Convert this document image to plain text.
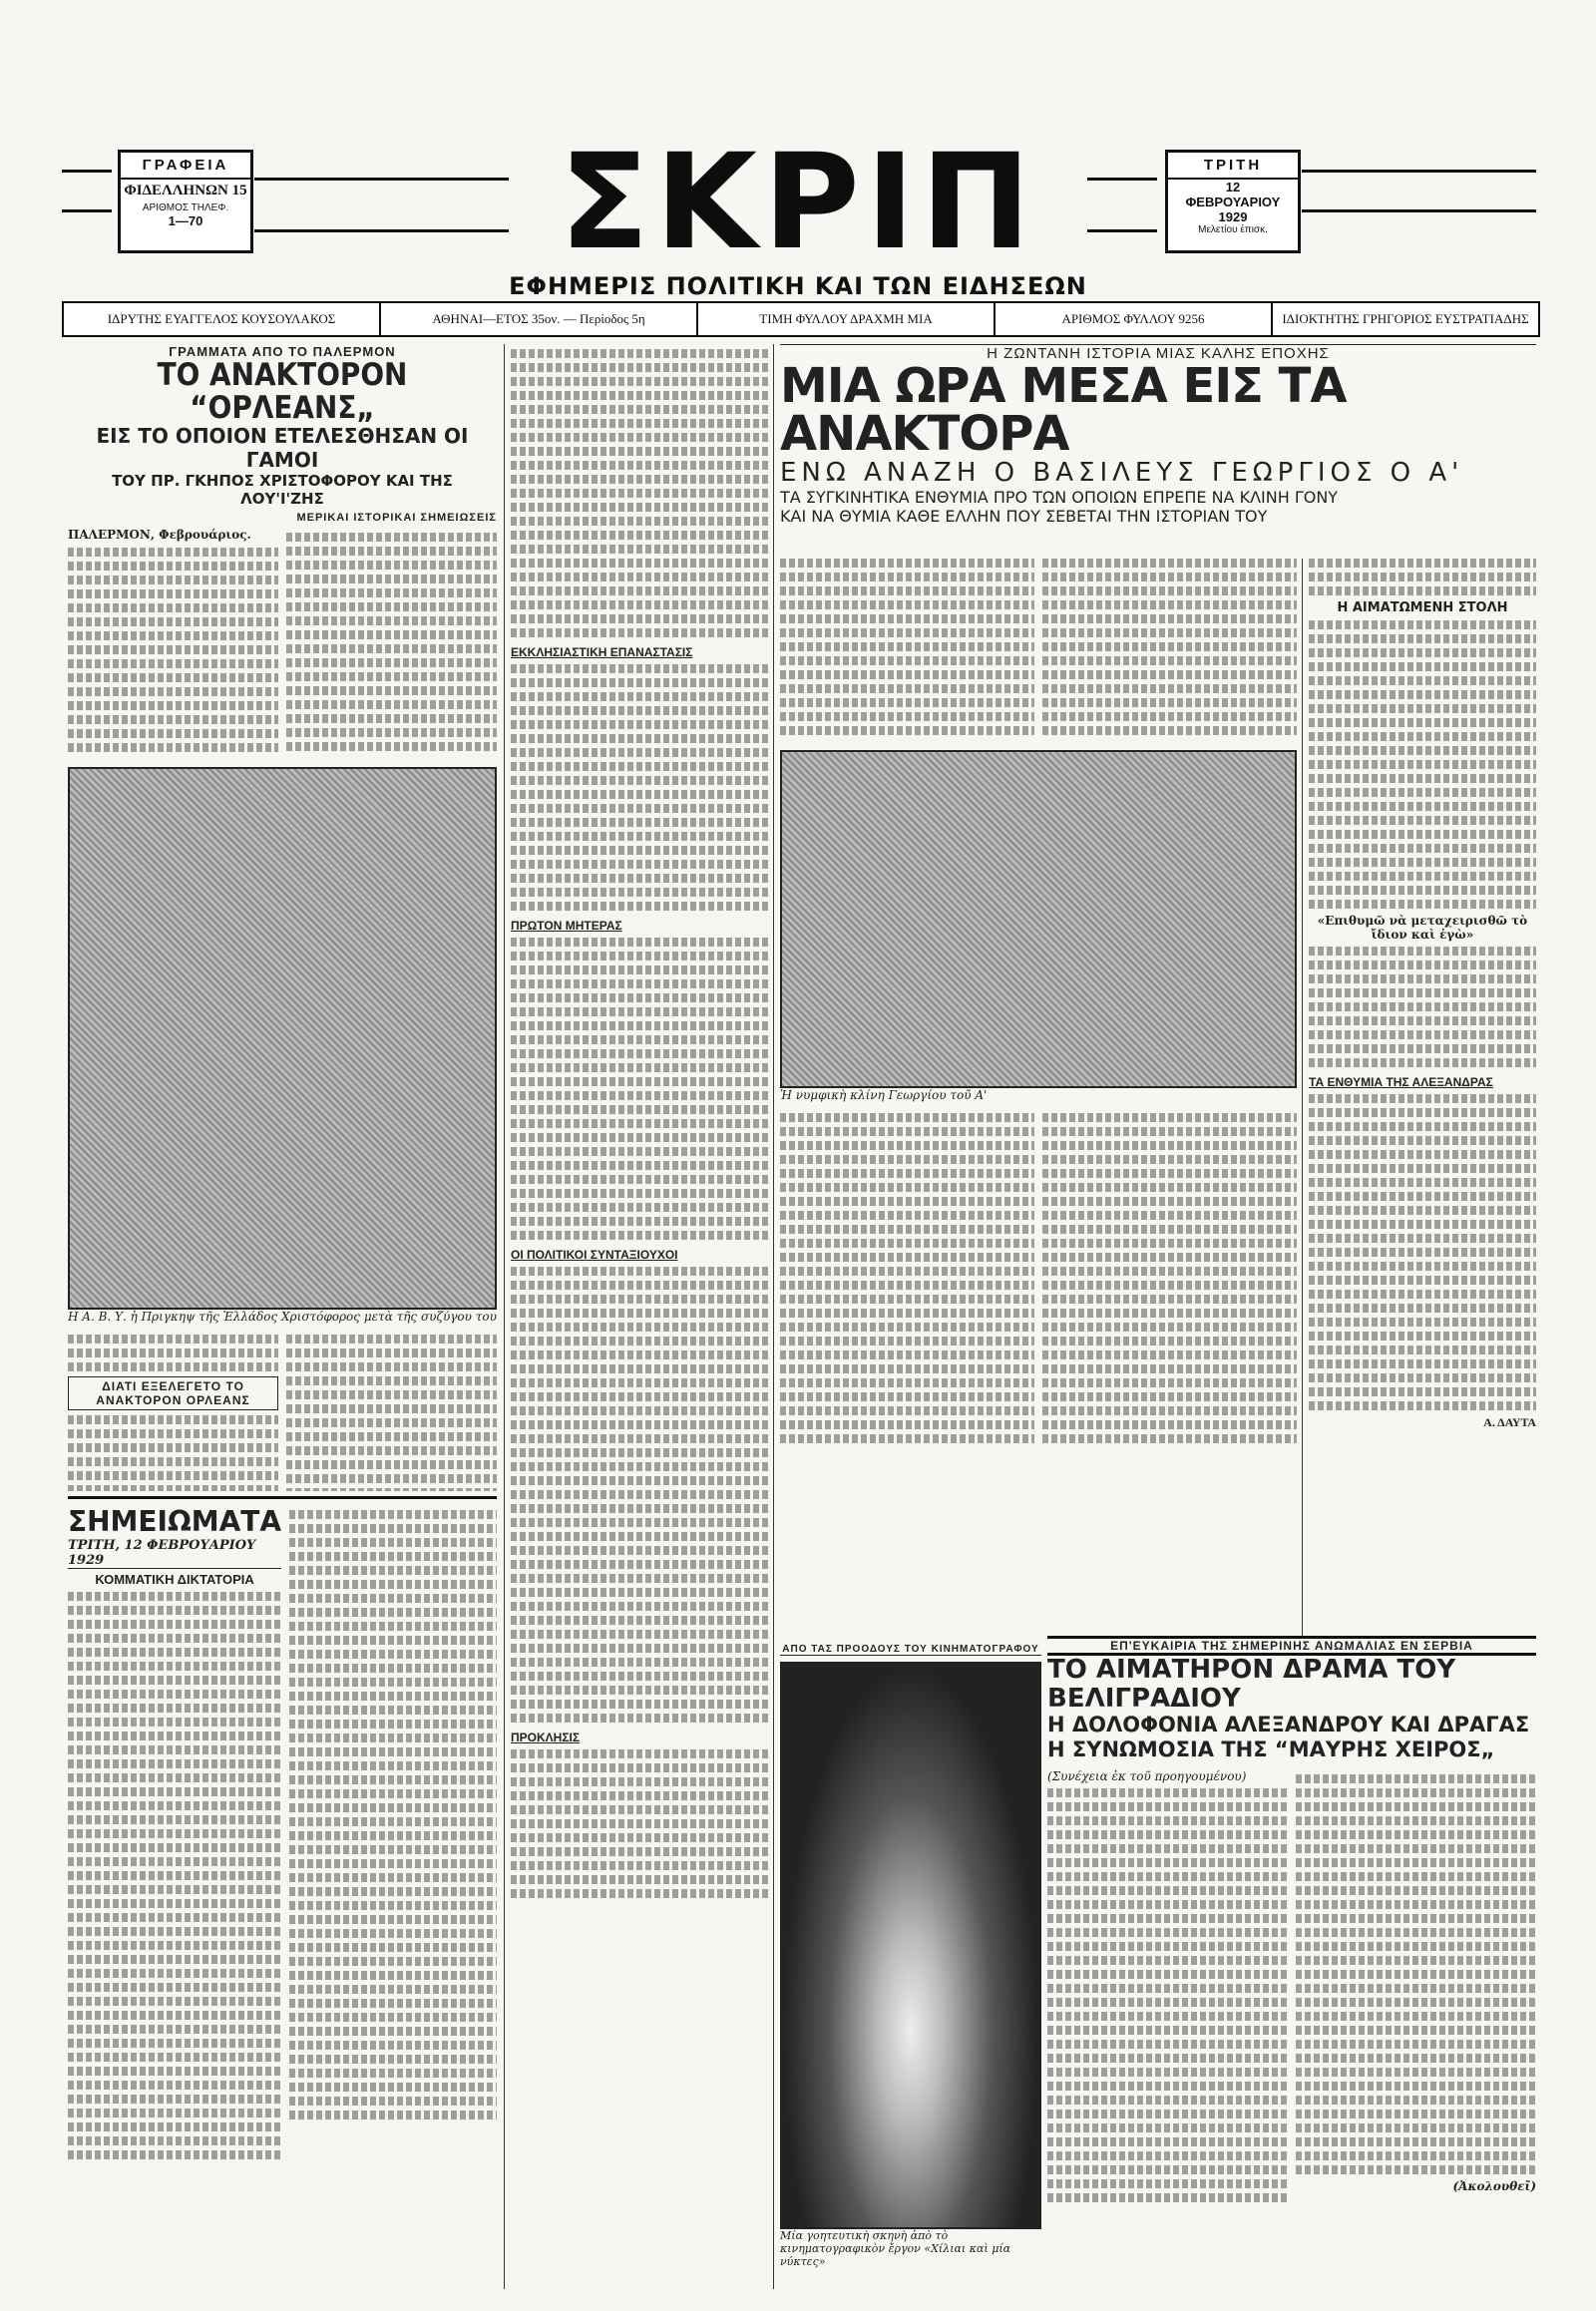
ΓΡΑΦΕΙΑ
ΦΙΔΕΛΛΗΝΩΝ 15
ΑΡΙΘΜΟΣ ΤΗΛΕΦ.
1—70	ΣΚΡΙΠ
ΕΦΗΜΕΡΙΣ ΠΟΛΙΤΙΚΗ ΚΑΙ ΤΩΝ ΕΙΔΗΣΕΩΝ
ΤΡΙΤΗ
12
ΦΕΒΡΟΥΑΡΙΟΥ
1929
Μελετίου ἐπισκ.
ΙΔΡΥΤΗΣ ΕΥΑΓΓΕΛΟΣ ΚΟΥΣΟΥΛΑΚΟΣ	ΑΘΗΝΑΙ—ΕΤΟΣ 35ον. — Περίοδος 5η	ΤΙΜΗ ΦΥΛΛΟΥ ΔΡΑΧΜΗ ΜΙΑ	ΑΡΙΘΜΟΣ ΦΥΛΛΟΥ 9256	ΙΔΙΟΚΤΗΤΗΣ ΓΡΗΓΟΡΙΟΣ ΕΥΣΤΡΑΤΙΑΔΗΣ
ΓΡΑΜΜΑΤΑ ΑΠΟ ΤΟ ΠΑΛΕΡΜΟΝ
ΤΟ ΑΝΑΚΤΟΡΟΝ “ΟΡΛΕΑΝΣ„
ΕΙΣ ΤΟ ΟΠΟΙΟΝ ΕΤΕΛΕΣΘΗΣΑΝ ΟΙ ΓΑΜΟΙ
ΤΟΥ ΠΡ. ΓΚΗΠΟΣ ΧΡΙΣΤΟΦΟΡΟΥ ΚΑΙ ΤΗΣ ΛΟΥ'Ι'ΖΗΣ
ΜΕΡΙΚΑΙ ΙΣΤΟΡΙΚΑΙ ΣΗΜΕΙΩΣΕΙΣ
ΠΑΛΕΡΜΟΝ, Φεβρουάριος.
Η Α. Β. Υ. ἡ Πριγκηψ τῆς Ἑλλάδος Χριστόφορος μετὰ τῆς συζύγου του
ΔΙΑΤΙ ΕΞΕΛΕΓΕΤΟ ΤΟ ΑΝΑΚΤΟΡΟΝ ΟΡΛΕΑΝΣ
ΣΗΜΕΙΩΜΑΤΑ
ΤΡΙΤΗ, 12 ΦΕΒΡΟΥΑΡΙΟΥ 1929
ΚΟΜΜΑΤΙΚΗ ΔΙΚΤΑΤΟΡΙΑ
ΕΚΚΛΗΣΙΑΣΤΙΚΗ ΕΠΑΝΑΣΤΑΣΙΣ
ΠΡΩΤΟΝ ΜΗΤΕΡΑΣ
ΟΙ ΠΟΛΙΤΙΚΟΙ ΣΥΝΤΑΞΙΟΥΧΟΙ
ΠΡΟΚΛΗΣΙΣ
Η ΖΩΝΤΑΝΗ ΙΣΤΟΡΙΑ ΜΙΑΣ ΚΑΛΗΣ ΕΠΟΧΗΣ
ΜΙΑ ΩΡΑ ΜΕΣΑ ΕΙΣ ΤΑ ΑΝΑΚΤΟΡΑ
ΕΝΩ ΑΝΑΖΗ Ο ΒΑΣΙΛΕΥΣ ΓΕΩΡΓΙΟΣ Ο Α'
ΤΑ ΣΥΓΚΙΝΗΤΙΚΑ ΕΝΘΥΜΙΑ ΠΡΟ ΤΩΝ ΟΠΟΙΩΝ ΕΠΡΕΠΕ ΝΑ ΚΛΙΝΗ ΓΟΝΥ
ΚΑΙ ΝΑ ΘΥΜΙΑ ΚΑΘΕ ΕΛΛΗΝ ΠΟΥ ΣΕΒΕΤΑΙ ΤΗΝ ΙΣΤΟΡΙΑΝ ΤΟΥ
Ἡ νυμφικὴ κλίνη Γεωργίου τοῦ Α'
Η ΑΙΜΑΤΩΜΕΝΗ ΣΤΟΛΗ
«Επιθυμῶ νὰ μεταχειρισθῶ τὸ ἴδιον καὶ ἐγὼ»
ΤΑ ΕΝΘΥΜΙΑ ΤΗΣ ΑΛΕΞΑΝΔΡΑΣ
Α. ΔΑΥΤΑ
ΑΠΟ ΤΑΣ ΠΡΟΟΔΟΥΣ ΤΟΥ ΚΙΝΗΜΑΤΟΓΡΑΦΟΥ
Μία γοητευτικὴ σκηνὴ ἀπὸ τὸ κινηματογραφικὸν ἔργον «Χίλιαι καὶ μία νύκτες»
ΕΠ'ΕΥΚΑΙΡΙΑ ΤΗΣ ΣΗΜΕΡΙΝΗΣ ΑΝΩΜΑΛΙΑΣ ΕΝ ΣΕΡΒΙΑ
ΤΟ ΑΙΜΑΤΗΡΟΝ ΔΡΑΜΑ ΤΟΥ ΒΕΛΙΓΡΑΔΙΟΥ
Η ΔΟΛΟΦΟΝΙΑ ΑΛΕΞΑΝΔΡΟΥ ΚΑΙ ΔΡΑΓΑΣ
Η ΣΥΝΩΜΟΣΙΑ ΤΗΣ “ΜΑΥΡΗΣ ΧΕΙΡΟΣ„
(Συνέχεια ἐκ τοῦ προηγουμένου)
(Ἀκολουθεῖ)
